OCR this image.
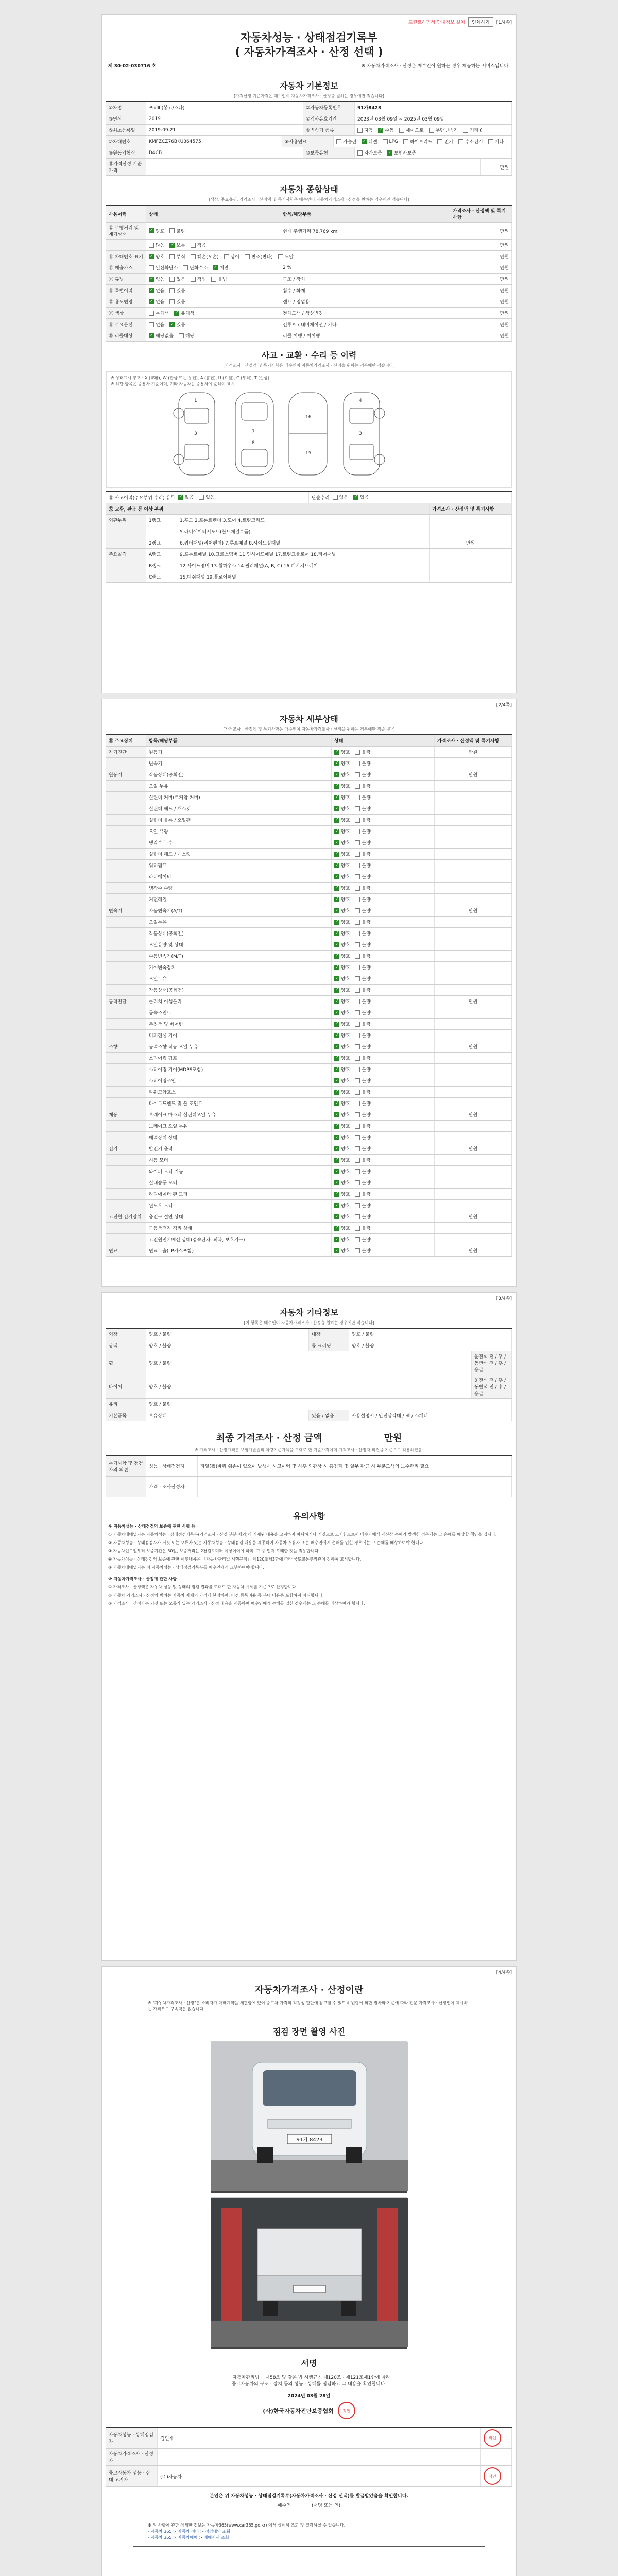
프린트하면서 안내정보 설치	인쇄하기	[1/4쪽]
자동차성능 · 상태점검기록부
( 자동차가격조사 · 산정 선택 )
제 30-02-030716 호	※ 자동차가격조사 · 산정은 매수인이 원하는 경우 제공하는 서비스입니다.
자동차 기본정보
[가격산정 기준가격은 매수인이 자동차가격조사 · 산정을 원하는 경우에만 적습니다]
①차명	포터Ⅱ (봉고/스타)	②자동차등록번호	91가8423
③연식	2019	④검사유효기간	2023년 03월 09일 ~ 2025년 03월 09일
⑤최초등록일	2019-09-21	⑥변속기 종류	자동 ✓	수동	세미오토	무단변속기	기타 (
⑦차대번호	KMFZCZ76BKU364575	⑧사용연료	가솔린 ✓	디젤	LPG	하이브리드	전기	수소전기	기타
⑨원동기형식	D4CB	⑩보증유형	자가보증 ✓	보험사보증
⑪가격산정 기준가격
만원
자동차 종합상태
[색상, 주요옵션, 가격조사 · 산정액 및 특기사항은 매수인이 자동차가격조사 · 산정을 원하는 경우에만 적습니다]
사용이력	상태	항목/해당부품
가격조사 · 산정액 및 특기사항
⑫ 주행거리 및 계기상태
✓
양호	불량	현재 주행거리 78,769 km	만원
많음 ✓	보통	적음	만원
⑬ 차대번호 표기 ✓	양호	부식	훼손(오손)	상이	변조(변타)	도말	만원
⑭ 배출가스	일산화탄소	탄화수소 ✓	매연	2 %	만원
⑮ 튜닝 ✓	없음	있음	적법	불법	구조 / 장치	만원
⑯ 특별이력 ✓	없음	있음	침수 / 화재	만원
⑰ 용도변경 ✓	없음	있음	렌트 / 영업용	만원
⑱ 색상	무채색 ✓	유채색	전체도색 / 색상변경	만원
⑲ 주요옵션	없음 ✓	있음	선루프 / 내비게이션 / 기타	만원
⑳ 리콜대상 ✓	해당없음	해당	리콜 이행 / 미이행	만원
사고 · 교환 · 수리 등 이력
[가격조사 · 산정액 및 특기사항은 매수인이 자동차가격조사 · 산정을 원하는 경우에만 적습니다]
※ 상태표시 부호 : X (교환), W (판금 또는 용접), A (흠집), U (요철), C (부식), T (손상)
※ 하단 항목은 승용차 기준이며, 기타 자동차는 승용차에 준하여 표시
1
7
16
15
4
3	3
8
㉑ 사고이력(주요부위 수리) 유무
✓ 없음	있음	단순수리
없음 ✓	있음
㉒ 교환, 판금 등 이상 부위	가격조사 · 산정액 및 특기사항
외판부위	1랭크	1.후드 2.프론트펜더 3.도어 4.트렁크리드
5.라디에이터서포트(볼트체결부품)
2랭크	6.쿼터패널(리어펜더) 7.루프패널 8.사이드실패널	만원
주요골격	A랭크	9.프론트패널 10.크로스멤버 11.인사이드패널 17.트렁크플로어 18.리어패널
B랭크	12.사이드멤버 13.휠하우스 14.필러패널(A, B, C) 16.패키지트레이
C랭크	15.대쉬패널 19.플로어패널
[2/4쪽]
자동차 세부상태
[가격조사 · 산정액 및 특기사항은 매수인이 자동차가격조사 · 산정을 원하는 경우에만 적습니다]
㉓ 주요장치	항목/해당부품	상태	가격조사 · 산정액 및 특기사항
자기진단	원동기 ✓	양호	불량	만원
변속기 ✓	양호	불량
원동기	작동상태(공회전) ✓	양호	불량	만원
오일 누유 ✓	양호	불량
실린더 커버(로커암 커버) ✓	양호	불량
실린더 헤드 / 개스킷 ✓	양호	불량
실린더 블록 / 오일팬 ✓	양호	불량
오일 유량 ✓	양호	불량
냉각수 누수 ✓	양호	불량
실린더 헤드 / 개스킷 ✓	양호	불량
워터펌프 ✓	양호	불량
라디에이터 ✓	양호	불량
냉각수 수량 ✓	양호	불량
커먼레일 ✓	양호	불량
변속기	자동변속기(A/T) ✓	양호	불량	만원
오일누유 ✓	양호	불량
작동상태(공회전) ✓	양호	불량
오일유량 및 상태 ✓	양호	불량
수동변속기(M/T) ✓	양호	불량
기어변속장치 ✓	양호	불량
오일누유 ✓	양호	불량
작동상태(공회전) ✓	양호	불량
동력전달	클러치 어셈블리 ✓	양호	불량	만원
등속조인트 ✓	양호	불량
추진축 및 베어링 ✓	양호	불량
디퍼렌셜 기어 ✓	양호	불량
조향	동력조향 작동 오일 누유 ✓	양호	불량	만원
스티어링 펌프 ✓	양호	불량
스티어링 기어(MDPS포함) ✓	양호	불량
스티어링조인트 ✓	양호	불량
파워고압호스 ✓	양호	불량
타이로드엔드 및 볼 조인트 ✓	양호	불량
제동	브레이크 마스터 실린더오일 누유 ✓	양호	불량	만원
브레이크 오일 누유 ✓	양호	불량
배력장치 상태 ✓	양호	불량
전기	발전기 출력 ✓	양호	불량	만원
시동 모터 ✓	양호	불량
와이퍼 모터 기능 ✓	양호	불량
실내송풍 모터 ✓	양호	불량
라디에이터 팬 모터 ✓	양호	불량
윈도우 모터 ✓	양호	불량
고전원 전기장치	충전구 절연 상태 ✓	양호	불량	만원
구동축전지 격리 상태 ✓	양호	불량
고전원전기배선 상태(접속단자, 피복, 보호기구) ✓	양호	불량
연료	연료누출(LP가스포함) ✓	양호	불량	만원
[3/4쪽]
자동차 기타정보
[이 항목은 매수인이 자동차가격조사 · 산정을 원하는 경우에만 적습니다]
외장	양호 / 불량	내장	양호 / 불량
광택	양호 / 불량	룸 크리닝	양호 / 불량
휠	양호 / 불량
운전석 전 / 후 / 동반석 전 / 후 / 응급
타이어	양호 / 불량
운전석 전 / 후 / 동반석 전 / 후 / 응급
유리	양호 / 불량
기본품목	보유상태	있음 / 없음	사용설명서 / 안전삼각대 / 잭 / 스패너
최종 가격조사 · 산정 금액	만원
※ 가격조사 · 산정가격은 보험개발원의 차량기준가액을 토대로 한 기준가격이며 가격조사 · 산정자 의견을 기준으로 적용하였음.
특기사항 및 점검자의 의견
성능 · 상태점검자	타일(휠)바퀴 훼손이 있으며 발생시 사고이력 및 사후 외관상 시 흠집과 및 일부 판금 시 부분도색의 보수관리 필요
가격 · 조사산정자
유의사항
※ 자동차성능 · 상태점검의 보증에 관한 사항 등
① 자동차매매업자는 자동차성능 · 상태점검기록부(가격조사 · 산정 부분 제외)에 기재된 내용을 고지하지 아니하거나 거짓으로 고지함으로써 매수자에게 재산상 손해가 발생한 경우에는 그 손해를 배상할 책임을 집니다.
② 자동차성능 · 상태점검자가 거짓 또는 오류가 있는 자동차성능 · 상태점검 내용을 제공하여 자동차 소유자 또는 매수인에게 손해를 입힌 경우에는 그 손해를 배상하여야 합니다.
③ 자동차인도일부터 보증기간은 30일, 보증거리는 2천킬로미터 이상이어야 하며, 그 중 먼저 도래한 것을 적용합니다.
④ 자동차성능 · 상태점검의 보증에 관한 세부내용은 「자동차관리법 시행규칙」 제120조제3항에 따라 국토교통부장관이 정하여 고시합니다.
⑤ 자동차매매업자는 이 자동차성능 · 상태점검기록부를 매수인에게 교부하여야 합니다.
※ 자동차가격조사 · 산정에 관한 사항
① 가격조사 · 산정액은 자동차 성능 및 상태의 점검 결과를 토대로 한 자동차 시세를 기준으로 산정합니다.
② 자동차 가격조사 · 산정의 범위는 자동차 자체의 가격에 한정하며, 이전 등록비용 등 부대 비용은 포함하지 아니합니다.
③ 가격조사 · 산정자는 거짓 또는 오류가 있는 가격조사 · 산정 내용을 제공하여 매수인에게 손해를 입힌 경우에는 그 손해를 배상하여야 합니다.
[4/4쪽]
자동차가격조사 · 산정이란
※ "자동차가격조사 · 산정"은 소비자가 매매계약을 체결함에 있어 중고차 가격의 적정성 판단에 참고할 수 있도록 법령에 의한 절차와 기준에 따라 전문 가격조사 · 산정인이 제시하는 가격으로 구속력은 없습니다.
점검 장면 촬영 사진
91가 8423
서명
「자동차관리법」 제58조 및 같은 법 시행규칙 제120조 · 제121조제1항에 따라
중고자동차의 구조 · 장치 등의 성능 · 상태를 점검하고 그 내용을 확인합니다.
2024년 03월 28일
(사)한국자동차진단보증협회	직인
자동차성능 · 상태점검자
김민재	직인
자동차가격조사 · 산정자
중고자동차 성능 · 상태 고지자
(주)자동차	직인
본인은 위 자동차성능 · 상태점검기록부(자동차가격조사 · 산정 선택)를 발급받았음을 확인합니다.
매수인	(서명 또는 인)
※ 위 사항에 관한 상세한 정보는 자동차365(www.car365.go.kr) 에서 상세히 조회 및 열람하실 수 있습니다.
- 자동차 365 > 자동차 정비 > 점검내역 조회
- 자동차 365 > 자동차매매 > 매매시세 조회
